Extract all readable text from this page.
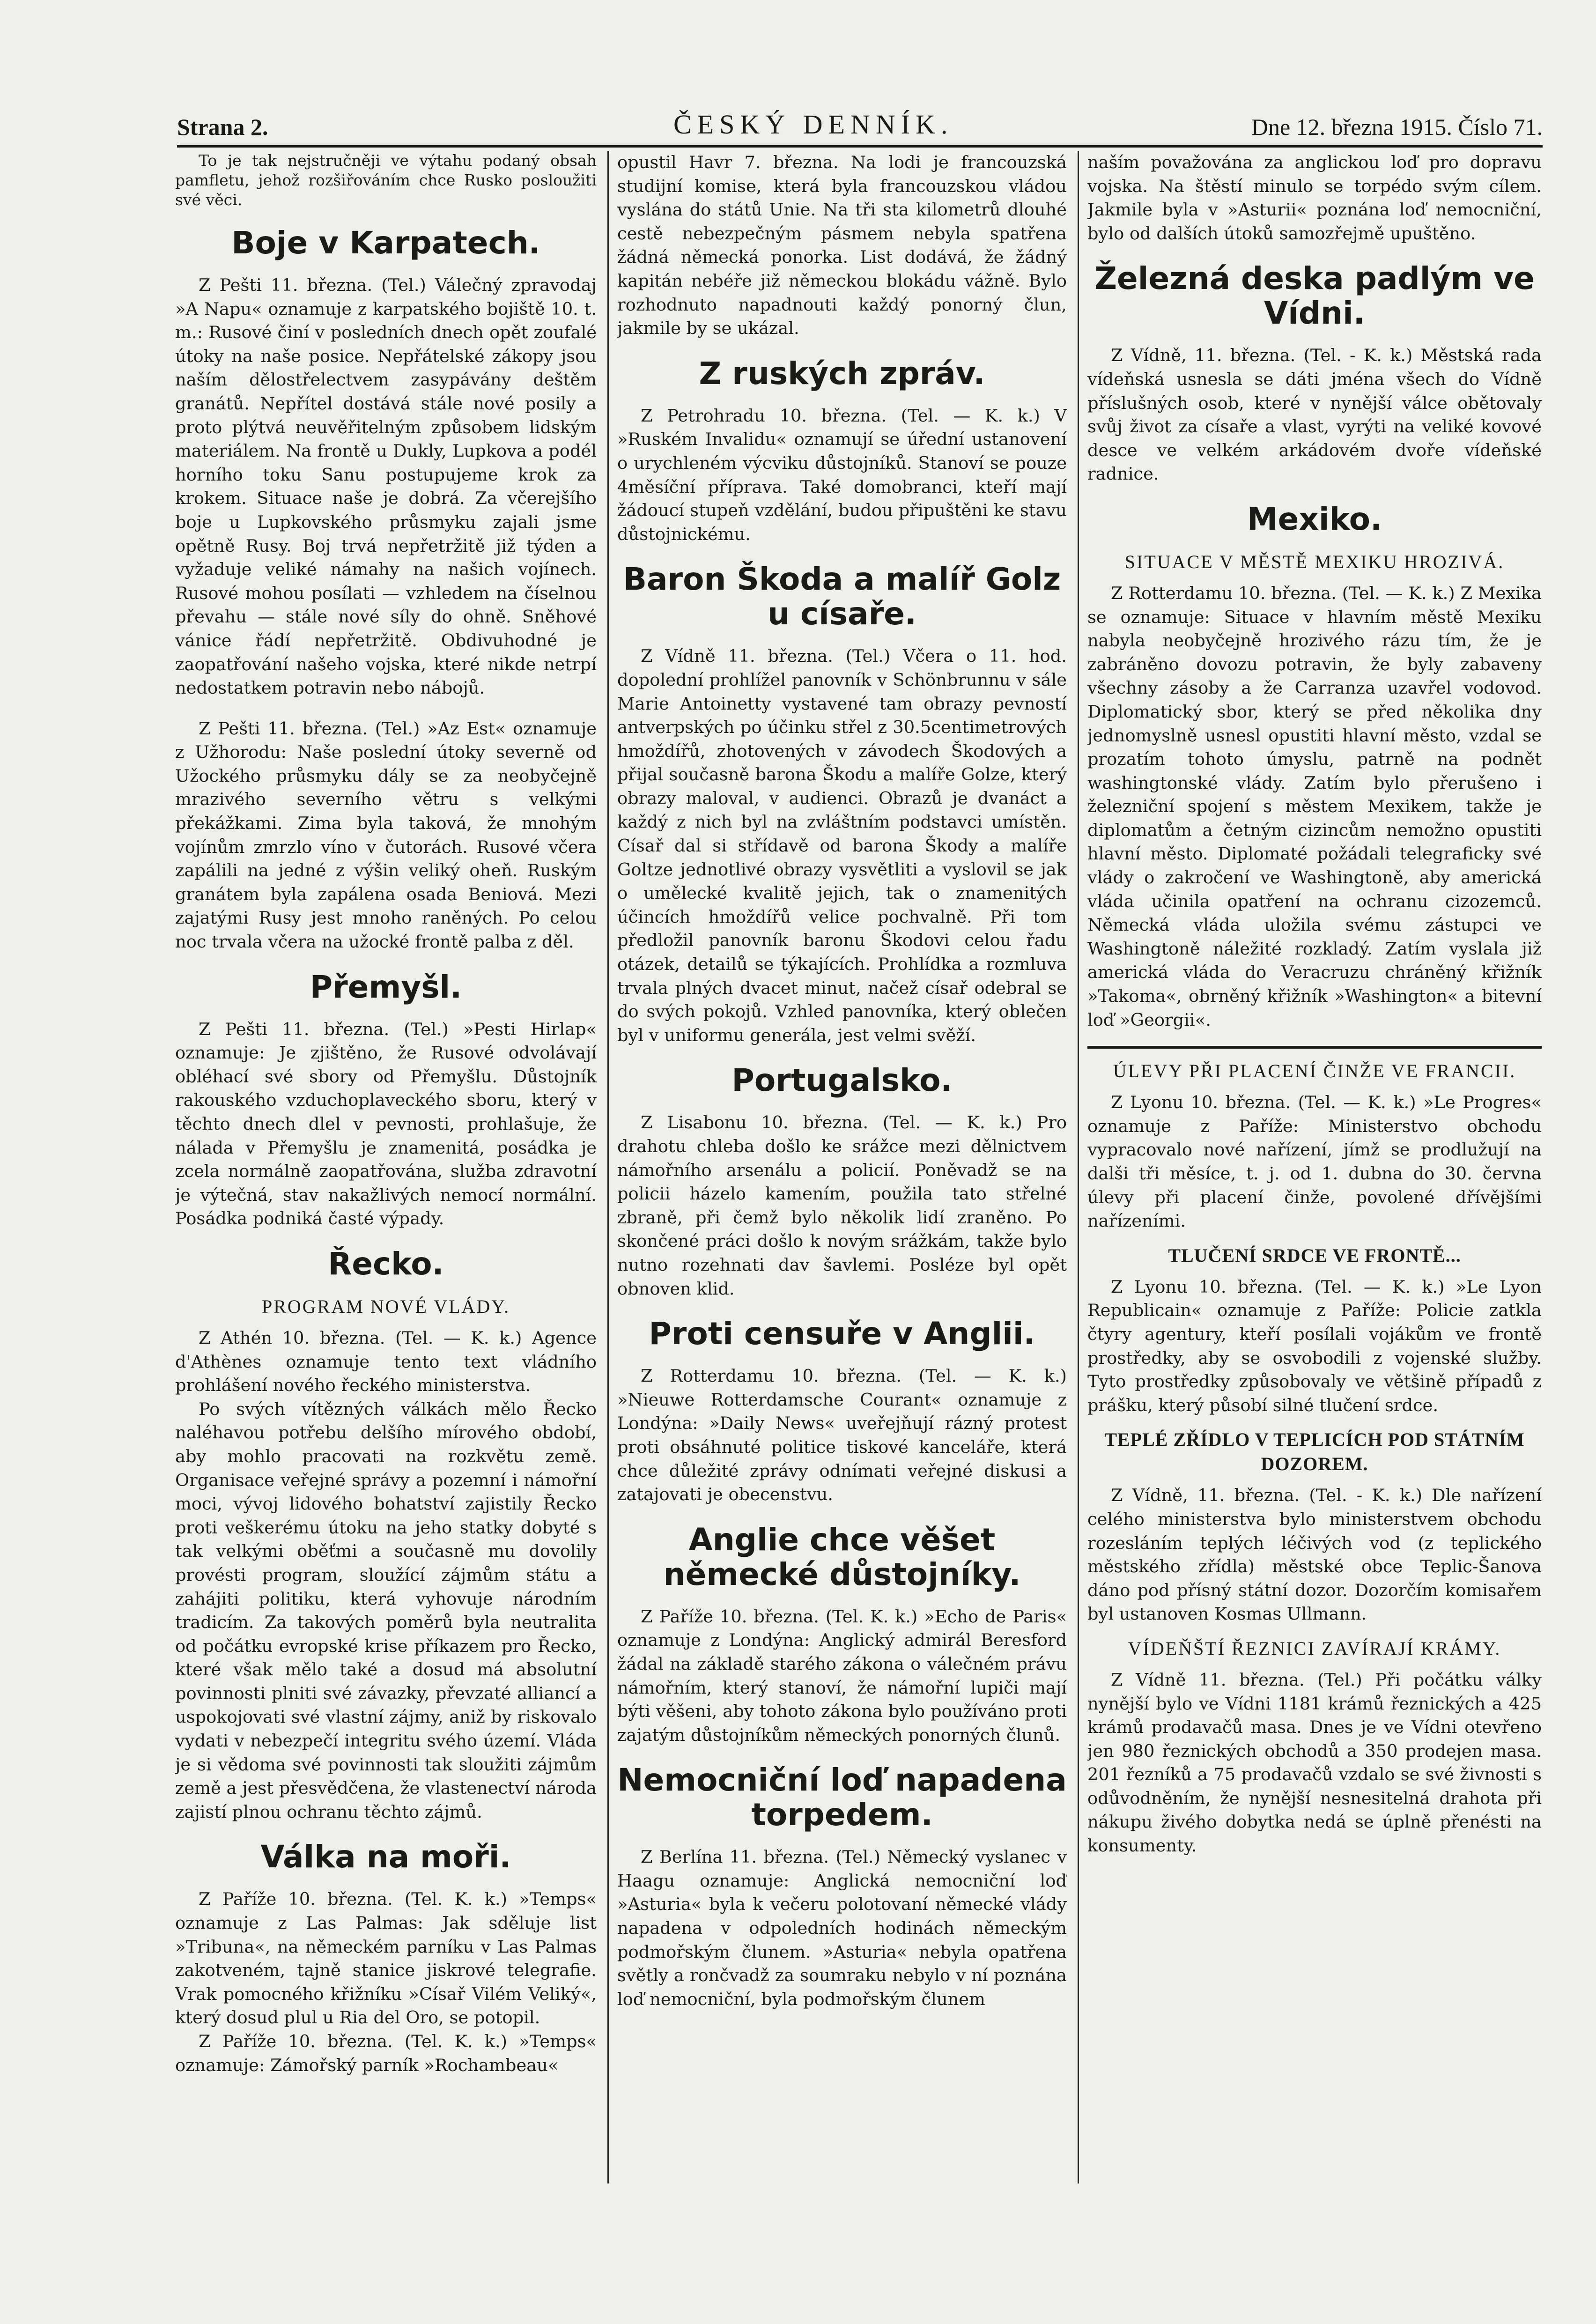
Strana 2.	ČESKÝ DENNÍK.	Dne 12. března 1915. Číslo 71.

To je tak nejstručněji ve výtahu podaný obsah pamfletu, jehož rozšiřováním chce Rusko posloužiti své věci.

Boje v Karpatech.

Z Pešti 11. března. (Tel.) Válečný zpravodaj »A Napu« oznamuje z karpatského bojiště 10. t. m.: Rusové činí v posledních dnech opět zoufalé útoky na naše posice. Nepřátelské zákopy jsou naším dělostřelectvem zasypávány deštěm granátů. Nepřítel dostává stále nové posily a proto plýtvá neuvěřitelným způsobem lidským materiálem. Na frontě u Dukly, Lupkova a podél horního toku Sanu postupujeme krok za krokem. Situace naše je dobrá. Za včerejšího boje u Lupkovského průsmyku zajali jsme opětně Rusy. Boj trvá nepřetržitě již týden a vyžaduje veliké námahy na našich vojínech. Rusové mohou posílati — vzhledem na číselnou převahu — stále nové síly do ohně. Sněhové vánice řádí nepřetržitě. Obdivuhodné je zaopatřování našeho vojska, které nikde netrpí nedostatkem potravin nebo nábojů.

Z Pešti 11. března. (Tel.) »Az Est« oznamuje z Užhorodu: Naše poslední útoky severně od Užockého průsmyku dály se za neobyčejně mrazivého severního větru s velkými překážkami. Zima byla taková, že mnohým vojínům zmrzlo víno v čutorách. Rusové včera zapálili na jedné z výšin veliký oheň. Ruským granátem byla zapálena osada Beniová. Mezi zajatými Rusy jest mnoho raněných. Po celou noc trvala včera na užocké frontě palba z děl.

Přemyšl.

Z Pešti 11. března. (Tel.) »Pesti Hirlap« oznamuje: Je zjištěno, že Rusové odvolávají obléhací své sbory od Přemyšlu. Důstojník rakouského vzduchoplaveckého sboru, který v těchto dnech dlel v pevnosti, prohlašuje, že nálada v Přemyšlu je znamenitá, posádka je zcela normálně zaopatřována, služba zdravotní je výtečná, stav nakažlivých nemocí normální. Posádka podniká časté výpady.

Řecko.
PROGRAM NOVÉ VLÁDY.

Z Athén 10. března. (Tel. — K. k.) Agence d'Athènes oznamuje tento text vládního prohlášení nového řeckého ministerstva.

Po svých vítězných válkách mělo Řecko naléhavou potřebu delšího mírového období, aby mohlo pracovati na rozkvětu země. Organisace veřejné správy a pozemní i námořní moci, vývoj lidového bohatství zajistily Řecko proti veškerému útoku na jeho statky dobyté s tak velkými oběťmi a současně mu dovolily provésti program, sloužící zájmům státu a zahájiti politiku, která vyhovuje národním tradicím. Za takových poměrů byla neutralita od počátku evropské krise příkazem pro Řecko, které však mělo také a dosud má absolutní povinnosti plniti své závazky, převzaté alliancí a uspokojovati své vlastní zájmy, aniž by riskovalo vydati v nebezpečí integritu svého území. Vláda je si vědoma své povinnosti tak sloužiti zájmům země a jest přesvědčena, že vlastenectví národa zajistí plnou ochranu těchto zájmů.

Válka na moři.

Z Paříže 10. března. (Tel. K. k.) »Temps« oznamuje z Las Palmas: Jak sděluje list »Tribuna«, na německém parníku v Las Palmas zakotveném, tajně stanice jiskrové telegrafie. Vrak pomocného křižníku »Císař Vilém Veliký«, který dosud plul u Ria del Oro, se potopil.

Z Paříže 10. března. (Tel. K. k.) »Temps« oznamuje: Zámořský parník »Rochambeau«

opustil Havr 7. března. Na lodi je francouzská studijní komise, která byla francouzskou vládou vyslána do států Unie. Na tři sta kilometrů dlouhé cestě nebezpečným pásmem nebyla spatřena žádná německá ponorka. List dodává, že žádný kapitán nebéře již německou blokádu vážně. Bylo rozhodnuto napadnouti každý ponorný člun, jakmile by se ukázal.

Z ruských zpráv.

Z Petrohradu 10. března. (Tel. — K. k.) V »Ruském Invalidu« oznamují se úřední ustanovení o urychleném výcviku důstojníků. Stanoví se pouze 4měsíční příprava. Také domobranci, kteří mají žádoucí stupeň vzdělání, budou připuštěni ke stavu důstojnickému.

Baron Škoda a malíř Golz u císaře.

Z Vídně 11. března. (Tel.) Včera o 11. hod. dopolední prohlížel panovník v Schönbrunnu v sále Marie Antoinetty vystavené tam obrazy pevností antverpských po účinku střel z 30.5centimetrových hmoždířů, zhotovených v závodech Škodových a přijal současně barona Škodu a malíře Golze, který obrazy maloval, v audienci. Obrazů je dvanáct a každý z nich byl na zvláštním podstavci umístěn. Císař dal si střídavě od barona Škody a malíře Goltze jednotlivé obrazy vysvětliti a vyslovil se jak o umělecké kvalitě jejich, tak o znamenitých účincích hmoždířů velice pochvalně. Při tom předložil panovník baronu Škodovi celou řadu otázek, detailů se týkajících. Prohlídka a rozmluva trvala plných dvacet minut, načež císař odebral se do svých pokojů. Vzhled panovníka, který oblečen byl v uniformu generála, jest velmi svěží.

Portugalsko.

Z Lisabonu 10. března. (Tel. — K. k.) Pro drahotu chleba došlo ke srážce mezi dělnictvem námořního arsenálu a policií. Poněvadž se na policii házelo kamením, použila tato střelné zbraně, při čemž bylo několik lidí zraněno. Po skončené práci došlo k novým srážkám, takže bylo nutno rozehnati dav šavlemi. Posléze byl opět obnoven klid.

Proti censuře v Anglii.

Z Rotterdamu 10. března. (Tel. — K. k.) »Nieuwe Rotterdamsche Courant« oznamuje z Londýna: »Daily News« uveřejňují rázný protest proti obsáhnuté politice tiskové kanceláře, která chce důležité zprávy odnímati veřejné diskusi a zatajovati je obecenstvu.

Anglie chce věšet německé důstojníky.

Z Paříže 10. března. (Tel. K. k.) »Echo de Paris« oznamuje z Londýna: Anglický admirál Beresford žádal na základě starého zákona o válečném právu námořním, který stanoví, že námořní lupiči mají býti věšeni, aby tohoto zákona bylo používáno proti zajatým důstojníkům německých ponorných člunů.

Nemocniční loď napadena torpedem.

Z Berlína 11. března. (Tel.) Německý vyslanec v Haagu oznamuje: Anglická nemocniční loď »Asturia« byla k večeru polotovaní německé vlády napadena v odpoledních hodinách německým podmořským člunem. »Asturia« nebyla opatřena světly a rončvadž za soumraku nebylo v ní poznána loď nemocniční, byla podmořským člunem

naším považována za anglickou loď pro dopravu vojska. Na štěstí minulo se torpédo svým cílem. Jakmile byla v »Asturii« poznána loď nemocniční, bylo od dalších útoků samozřejmě upuštěno.

Železná deska padlým ve Vídni.

Z Vídně, 11. března. (Tel. - K. k.) Městská rada vídeňská usnesla se dáti jména všech do Vídně příslušných osob, které v nynější válce obětovaly svůj život za císaře a vlast, vyrýti na veliké kovové desce ve velkém arkádovém dvoře vídeňské radnice.

Mexiko.
SITUACE V MĚSTĚ MEXIKU HROZIVÁ.

Z Rotterdamu 10. března. (Tel. — K. k.) Z Mexika se oznamuje: Situace v hlavním městě Mexiku nabyla neobyčejně hrozivého rázu tím, že je zabráněno dovozu potravin, že byly zabaveny všechny zásoby a že Carranza uzavřel vodovod. Diplomatický sbor, který se před několika dny jednomyslně usnesl opustiti hlavní město, vzdal se prozatím tohoto úmyslu, patrně na podnět washingtonské vlády. Zatím bylo přerušeno i železniční spojení s městem Mexikem, takže je diplomatům a četným cizincům nemožno opustiti hlavní město. Diplomaté požádali telegraficky své vlády o zakročení ve Washingtoně, aby americká vláda učinila opatření na ochranu cizozemců. Německá vláda uložila svému zástupci ve Washingtoně náležité rozkladý. Zatím vyslala již americká vláda do Veracruzu chráněný křižník »Takoma«, obrněný křižník »Washington« a bitevní loď »Georgii«.

ÚLEVY PŘI PLACENÍ ČINŽE VE FRANCII.

Z Lyonu 10. března. (Tel. — K. k.) »Le Progres« oznamuje z Paříže: Ministerstvo obchodu vypracovalo nové nařízení, jímž se prodlužují na dalši tři měsíce, t. j. od 1. dubna do 30. června úlevy při placení činže, povolené dřívějšími nařízeními.

TLUČENÍ SRDCE VE FRONTĚ...

Z Lyonu 10. března. (Tel. — K. k.) »Le Lyon Republicain« oznamuje z Paříže: Policie zatkla čtyry agentury, kteří posílali vojákům ve frontě prostředky, aby se osvobodili z vojenské služby. Tyto prostředky způsobovaly ve většině případů z prášku, který působí silné tlučení srdce.

TEPLÉ ZŘÍDLO V TEPLICÍCH POD STÁTNÍM DOZOREM.

Z Vídně, 11. března. (Tel. - K. k.) Dle nařízení celého ministerstva bylo ministerstvem obchodu rozesláním teplých léčivých vod (z teplického městského zřídla) městské obce Teplic-Šanova dáno pod přísný státní dozor. Dozorčím komisařem byl ustanoven Kosmas Ullmann.

VÍDEŇŠTÍ ŘEZNICI ZAVÍRAJÍ KRÁMY.

Z Vídně 11. března. (Tel.) Při počátku války nynější bylo ve Vídni 1181 krámů řeznických a 425 krámů prodavačů masa. Dnes je ve Vídni otevřeno jen 980 řeznických obchodů a 350 prodejen masa. 201 řezníků a 75 prodavačů vzdalo se své živnosti s odůvodněním, že nynější nesnesitelná drahota při nákupu živého dobytka nedá se úplně přenésti na konsumenty.
